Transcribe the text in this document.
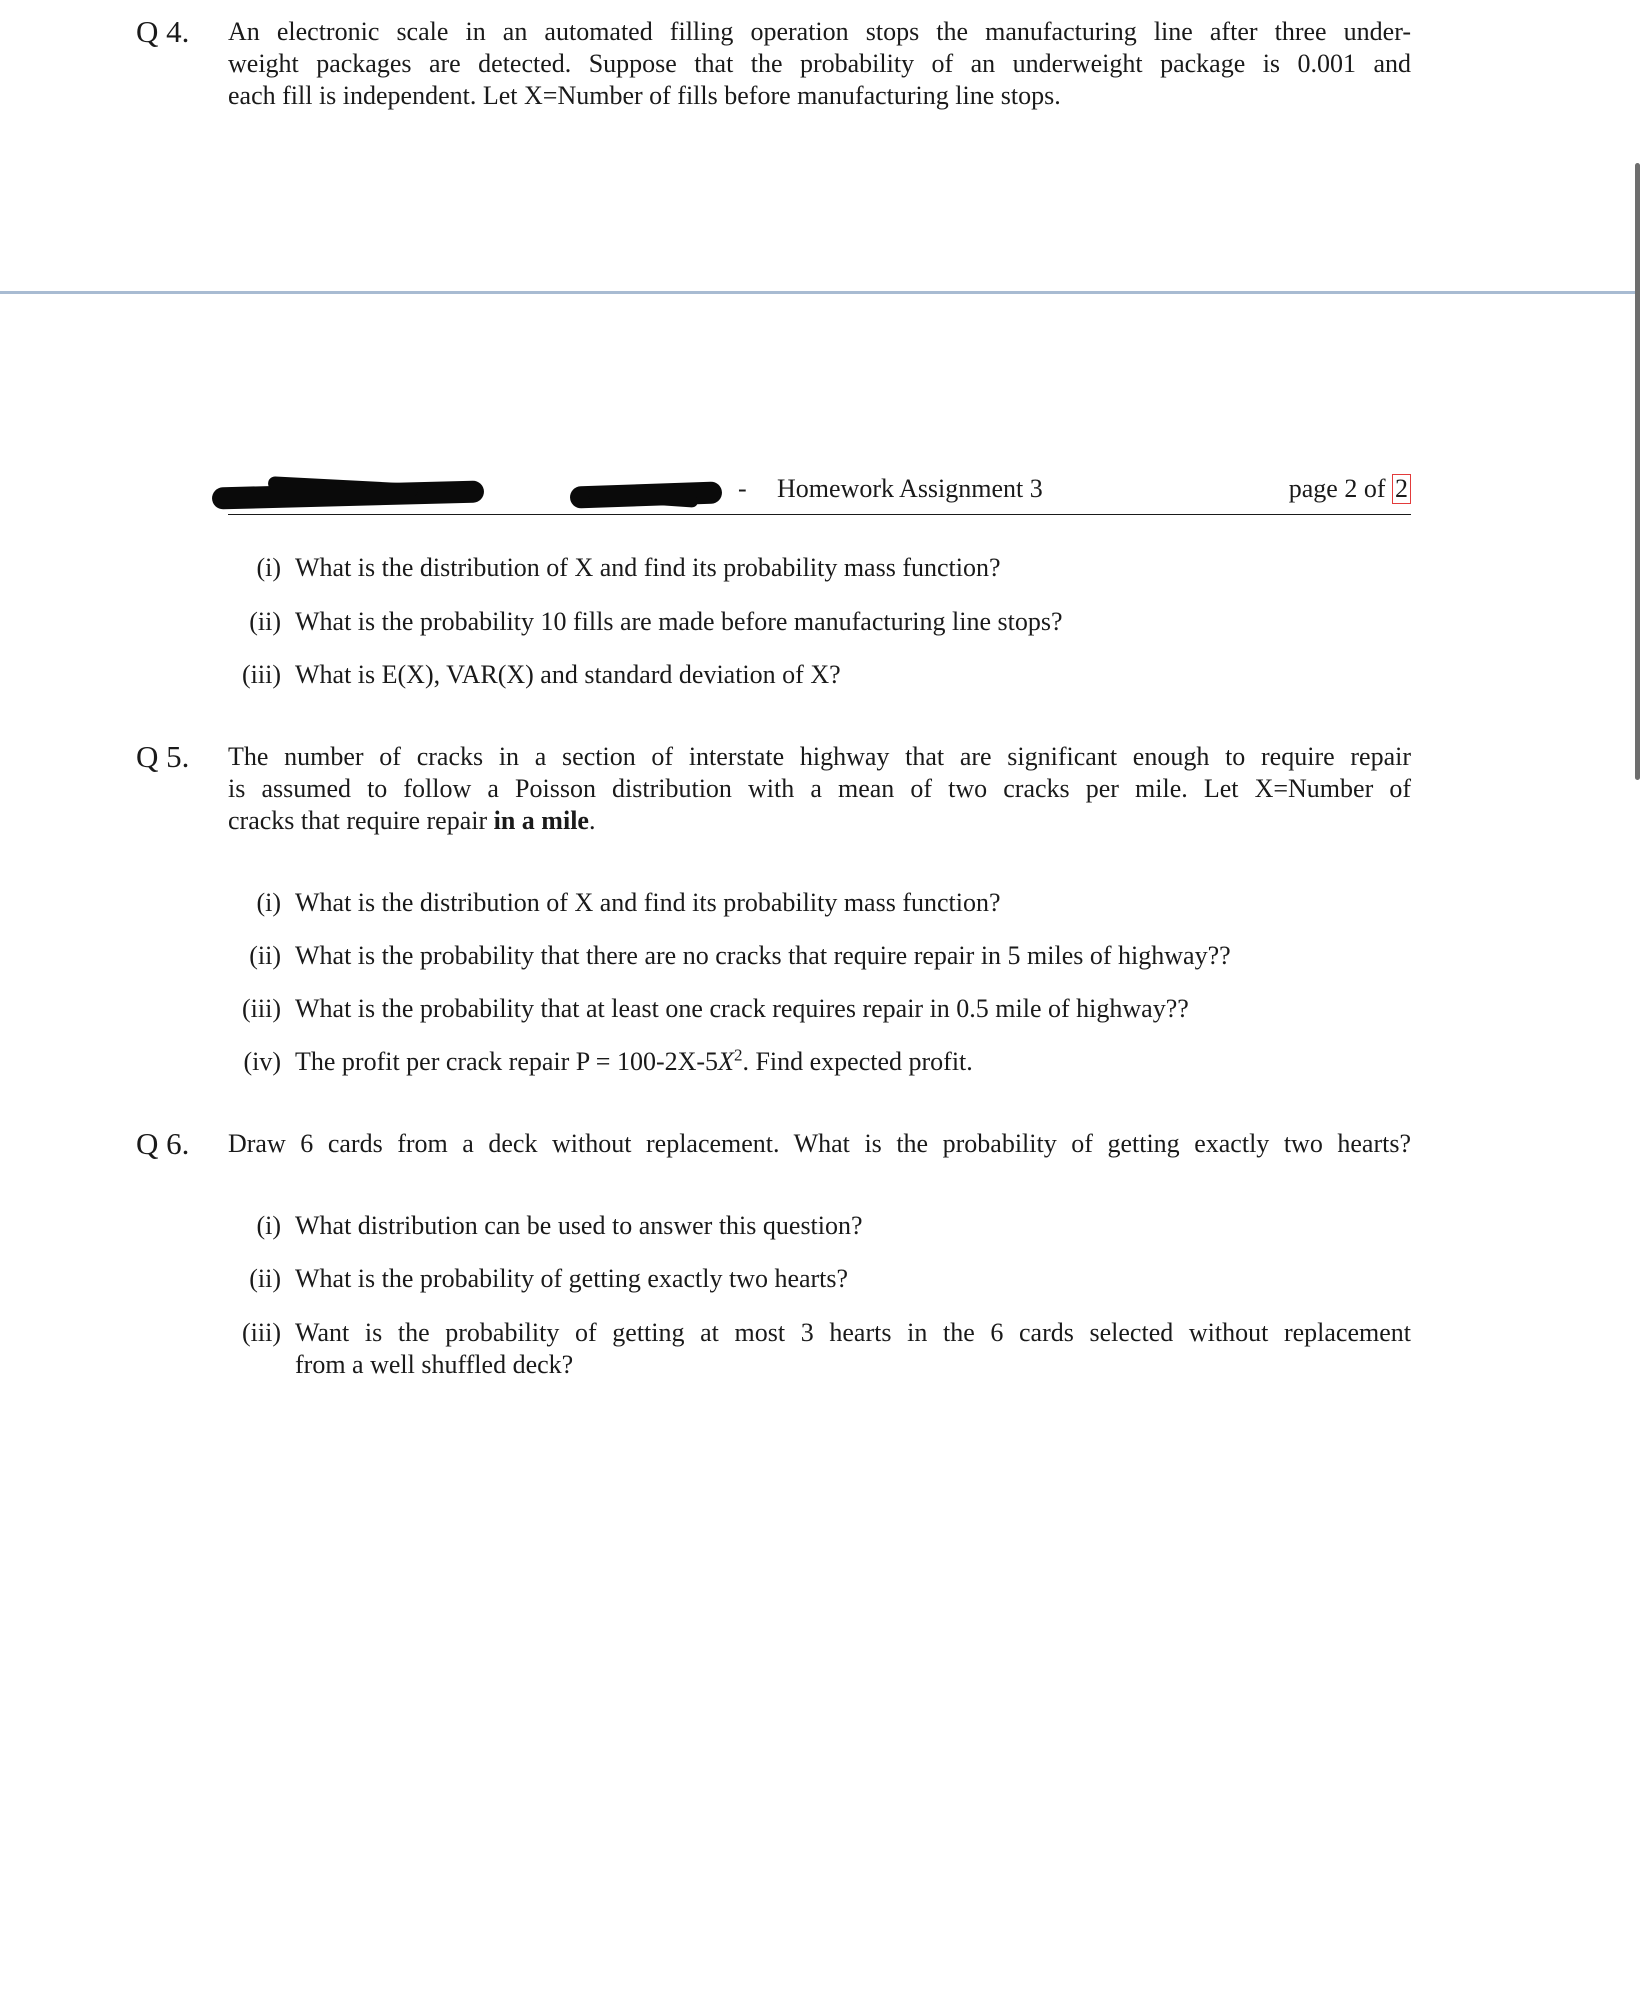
Q 4. An electronic scale in an automated filling operation stops the manufacturing line after three under-
weight packages are detected. Suppose that the probability of an underweight package is 0.001 and
each fill is independent. Let X=Number of fills before manufacturing line stops.
- Homework Assignment 3	page 2 of 2
(i) What is the distribution of X and find its probability mass function?
(ii) What is the probability 10 fills are made before manufacturing line stops?
(iii) What is E(X), VAR(X) and standard deviation of X?
Q 5. The number of cracks in a section of interstate highway that are significant enough to require repair
is assumed to follow a Poisson distribution with a mean of two cracks per mile. Let X=Number of
cracks that require repair in a mile.
(i) What is the distribution of X and find its probability mass function?
(ii) What is the probability that there are no cracks that require repair in 5 miles of highway??
(iii) What is the probability that at least one crack requires repair in 0.5 mile of highway??
(iv) The profit per crack repair $P = 100-2X-5X^2$. Find expected profit.
Q 6. Draw 6 cards from a deck without replacement. What is the probability of getting exactly two hearts?
(i) What distribution can be used to answer this question?
(ii) What is the probability of getting exactly two hearts?
(iii) Want is the probability of getting at most 3 hearts in the 6 cards selected without replacement
from a well shuffled deck?
